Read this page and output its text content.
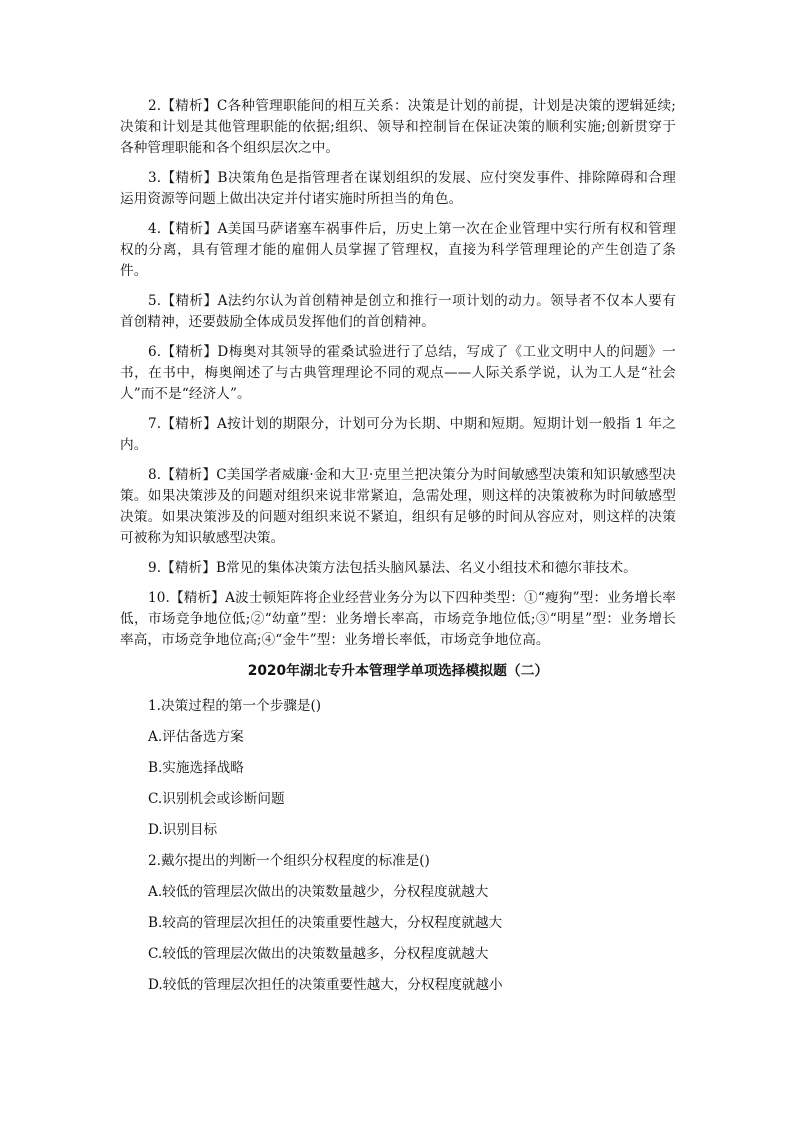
2.【精析】C各种管理职能间的相互关系：决策是计划的前提，计划是决策的逻辑延续;决策和计划是其他管理职能的依据;组织、领导和控制旨在保证决策的顺利实施;创新贯穿于各种管理职能和各个组织层次之中。

3.【精析】B决策角色是指管理者在谋划组织的发展、应付突发事件、排除障碍和合理运用资源等问题上做出决定并付诸实施时所担当的角色。

4.【精析】A美国马萨诸塞车祸事件后，历史上第一次在企业管理中实行所有权和管理权的分离，具有管理才能的雇佣人员掌握了管理权，直接为科学管理理论的产生创造了条件。

5.【精析】A法约尔认为首创精神是创立和推行一项计划的动力。领导者不仅本人要有首创精神，还要鼓励全体成员发挥他们的首创精神。

6.【精析】D梅奥对其领导的霍桑试验进行了总结，写成了《工业文明中人的问题》一书，在书中，梅奥阐述了与古典管理理论不同的观点——人际关系学说，认为工人是“社会人”而不是“经济人”。

7.【精析】A按计划的期限分，计划可分为长期、中期和短期。短期计划一般指 1 年之内。

8.【精析】C美国学者威廉·金和大卫·克里兰把决策分为时间敏感型决策和知识敏感型决策。如果决策涉及的问题对组织来说非常紧迫，急需处理，则这样的决策被称为时间敏感型决策。如果决策涉及的问题对组织来说不紧迫，组织有足够的时间从容应对，则这样的决策可被称为知识敏感型决策。

9.【精析】B常见的集体决策方法包括头脑风暴法、名义小组技术和德尔菲技术。

10.【精析】A波士顿矩阵将企业经营业务分为以下四种类型：①“瘦狗”型：业务增长率低，市场竞争地位低;②“幼童”型：业务增长率高，市场竞争地位低;③“明星”型：业务增长率高，市场竞争地位高;④“金牛”型：业务增长率低，市场竞争地位高。

2020年湖北专升本管理学单项选择模拟题（二）

1.决策过程的第一个步骤是()

A.评估备选方案

B.实施选择战略

C.识别机会或诊断问题

D.识别目标

2.戴尔提出的判断一个组织分权程度的标准是()

A.较低的管理层次做出的决策数量越少，分权程度就越大

B.较高的管理层次担任的决策重要性越大，分权程度就越大

C.较低的管理层次做出的决策数量越多，分权程度就越大

D.较低的管理层次担任的决策重要性越大，分权程度就越小
